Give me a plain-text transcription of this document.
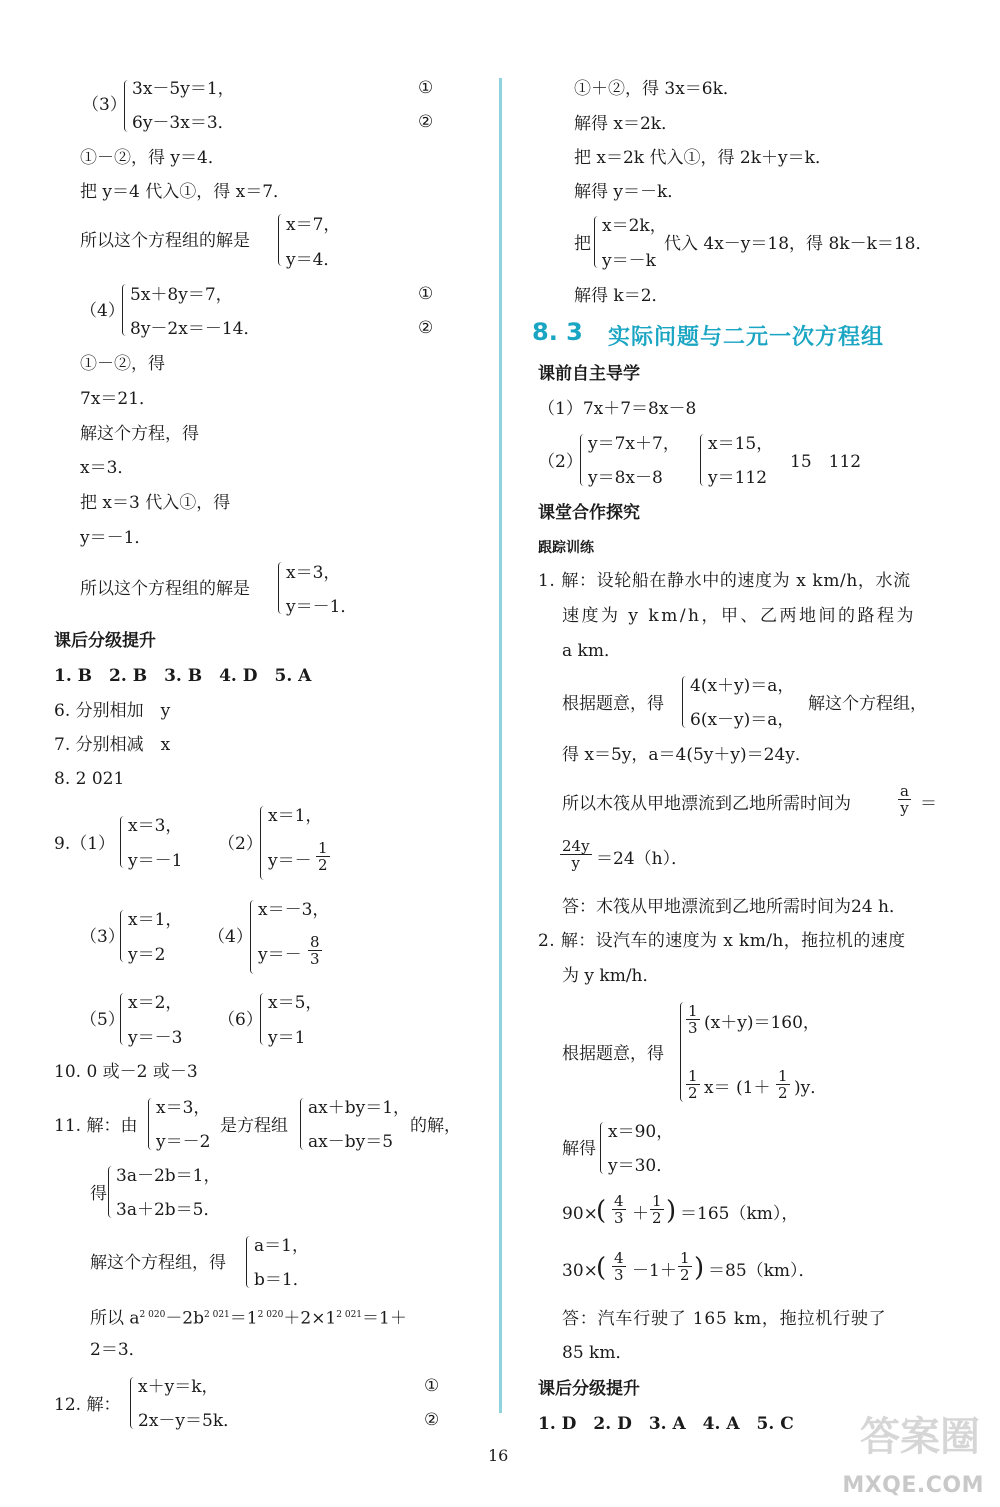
（3）
3x－5y＝1，
6y－3x＝3．
①
②
①－②，得 y＝4．
把 y＝4 代入①，得 x＝7．
所以这个方程组的解是
x＝7，
y＝4．
（4）
5x＋8y＝7，
8y－2x＝－14．
①
②
①－②，得
7x＝21．
解这个方程，得
x＝3．
把 x＝3 代入①，得
y＝－1．
所以这个方程组的解是
x＝3，
y＝－1．
课后分级提升
1. B　2. B　3. B　4. D　5. A
6. 分别相加　y
7. 分别相减　x
8. 2 021
9.（1）
x＝3，
y＝－1
（2）
x＝1，
$y=- \frac{1}{2}$
（3）
x＝1，
y＝2
（4）
x＝－3，
$y=- \frac{8}{3}$
（5）
x＝2，
y＝－3
（6）
x＝5，
y＝1
10. 0 或－2 或－3
11. 解：由
x＝3，
y＝－2
是方程组
ax＋by＝1，
ax－by＝5
的解，
得
3a－2b＝1，
3a＋2b＝5．
解这个方程组，得
a＝1，
b＝1．
所以 $a^{2 020}-2b^{2 021}=1^{2 020}+2\times 1^{2 021}=1+$
2＝3．
12. 解：
x＋y＝k，
2x－y＝5k．
①
②
①＋②，得 3x＝6k．
解得 x＝2k．
把 x＝2k 代入①，得 2k＋y＝k．
解得 y＝－k．
把
x＝2k，
y＝－k
代入 4x－y＝18，得 8k－k＝18．
解得 k＝2．
8. 3 实际问题与二元一次方程组
课前自主导学
（1）7x＋7＝8x－8
（2）
y＝7x＋7，
y＝8x－8
x＝15，
y＝112
15　112
课堂合作探究
跟踪训练
1. 解：设轮船在静水中的速度为 x km/h，水流
速度为 y km/h，甲、乙两地间的路程为
a km．
根据题意，得
4(x＋y)＝a，
6(x－y)＝a，
解这个方程组，
得 x＝5y，a＝4(5y＋y)＝24y．
所以木筏从甲地漂流到乙地所需时间为	$\frac{a}{y}$ ＝
$\frac{24y}{y} =24(h)$．
答：木筏从甲地漂流到乙地所需时间为24 h．
2. 解：设汽车的速度为 x km/h，拖拉机的速度
为 y km/h．
根据题意，得
$\frac{1}{3} (x+y)=160$，
$\frac{1}{2} x= (1+ \frac{1}{2} )y$．
解得
x＝90，
y＝30．
90×
( $\frac{4}{3} + \frac{1}{2}$ ) ＝165（km），
30×
( $\frac{4}{3} -1+ \frac{1}{2}$ ) ＝85（km）．
答：汽车行驶了 165 km，拖拉机行驶了
85 km．
课后分级提升
1. D　2. D　3. A　4. A　5. C
16	答案圈
MXQE.COM
